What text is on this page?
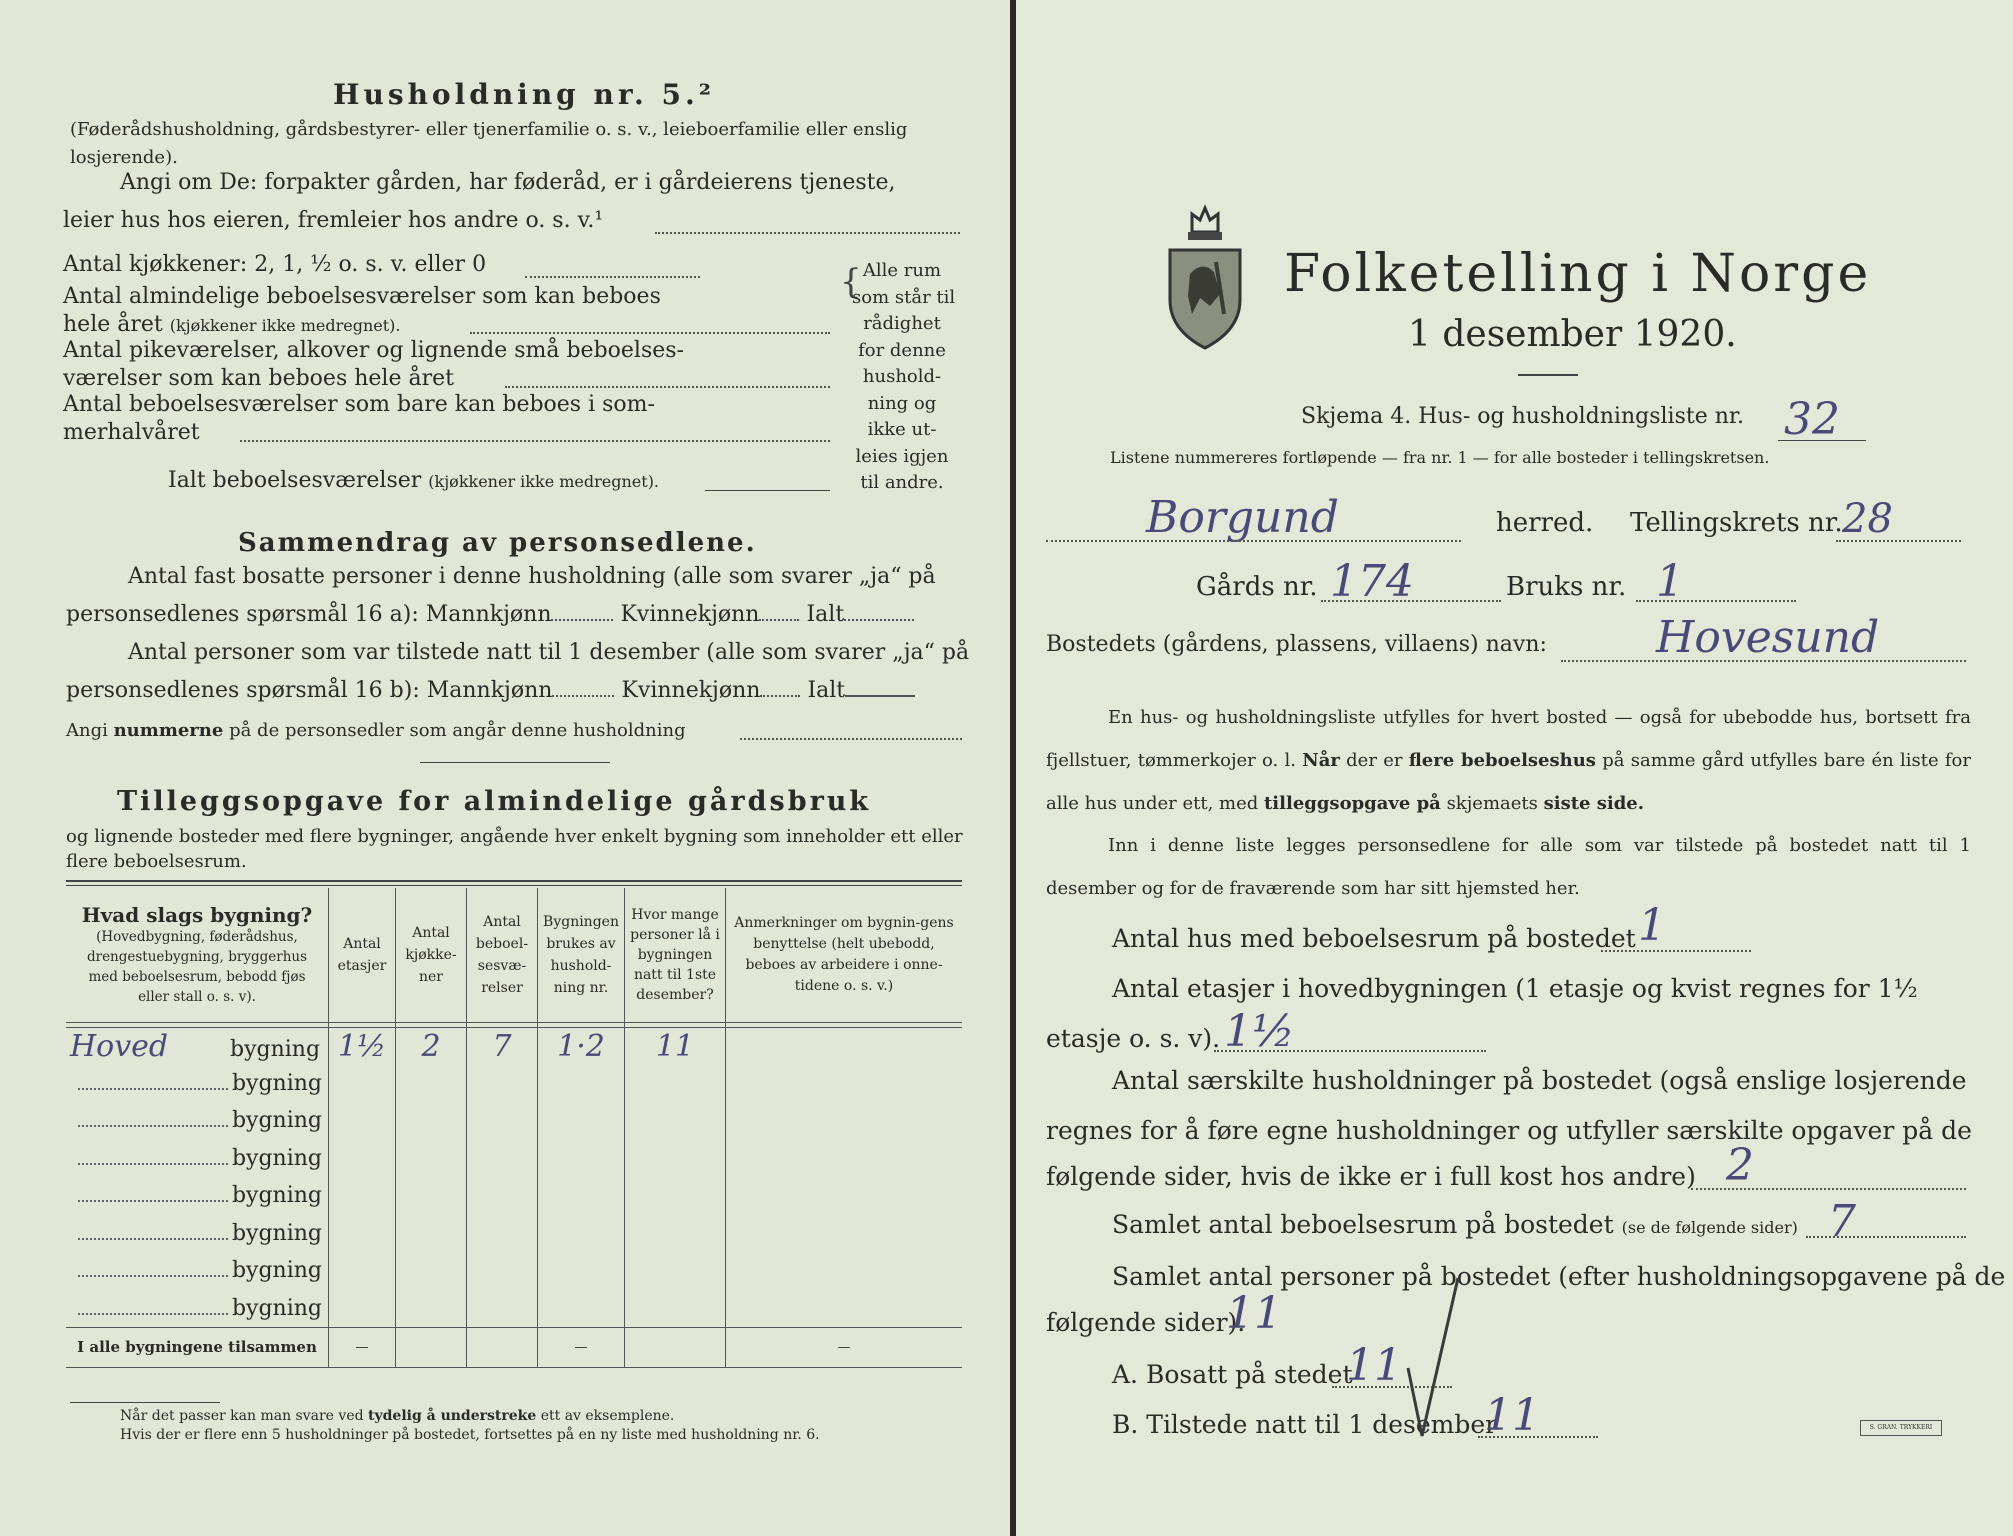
Husholdning nr. 5.²
(Føderådshusholdning, gårdsbestyrer- eller tjenerfamilie o. s. v., leieboerfamilie eller enslig losjerende).
Angi om De: forpakter gården, har føderåd, er i gårdeierens tjeneste,
leier hus hos eieren, fremleier hos andre o. s. v.¹
Antal kjøkkener: 2, 1, ½ o. s. v. eller 0
Antal almindelige beboelsesværelser som kan beboes
hele året (kjøkkener ikke medregnet).
Antal pikeværelser, alkover og lignende små beboelses-
værelser som kan beboes hele året
Antal beboelsesværelser som bare kan beboes i som-
merhalvåret
Ialt beboelsesværelser (kjøkkener ikke medregnet).
{ Alle rum
som står til
rådighet
for denne
hushold-
ning og
ikke ut-
leies igjen
til andre.
Sammendrag av personsedlene.
Antal fast bosatte personer i denne husholdning (alle som svarer „ja“ på
personsedlenes spørsmål 16 a): Mannkjønn	Kvinnekjønn Ialt
Antal personer som var tilstede natt til 1 desember (alle som svarer „ja“ på
personsedlenes spørsmål 16 b): Mannkjønn	Kvinnekjønn Ialt
Angi nummerne på de personsedler som angår denne husholdning
Tilleggsopgave for almindelige gårdsbruk
og lignende bosteder med flere bygninger, angående hver enkelt bygning som inneholder ett eller flere beboelsesrum.
Hvad slags bygning?
(Hovedbygning, føderådshus, drengestuebygning, bryggerhus med beboelsesrum, bebodd fjøs eller stall o. s. v).	Antal etasjer	Antal kjøkke-ner	Antal beboel-sesvæ-relser	Bygningen brukes av hushold-ning nr.	Hvor mange personer lå i bygningen natt til 1ste desember?	Anmerkninger om bygnin-gens benyttelse (helt ubebodd, beboes av arbeidere i onne-tidene o. s. v.)

Hoved bygning	1½	2	7	1·2	11	
bygning						
bygning						
bygning						
bygning						
bygning						
bygning						
bygning						
I alle bygningene tilsammen	—			—		—
Når det passer kan man svare ved tydelig å understreke ett av eksemplene.
Hvis der er flere enn 5 husholdninger på bostedet, fortsettes på en ny liste med husholdning nr. 6.
Folketelling i Norge
1 desember 1920.
Skjema 4. Hus- og husholdningsliste nr. 32
Listene nummereres fortløpende — fra nr. 1 — for alle bosteder i tellingskretsen.
Borgund	herred. Tellingskrets nr. 28
Gårds nr. 174	Bruks nr. 1
Bostedets (gårdens, plassens, villaens) navn: Hovesund
En hus- og husholdningsliste utfylles for hvert bosted — også for ubebodde hus, bortsett fra fjellstuer, tømmerkojer o. l. Når der er flere beboelseshus på samme gård utfylles bare én liste for alle hus under ett, med tilleggsopgave på skjemaets siste side.
Inn i denne liste legges personsedlene for alle som var tilstede på bostedet natt til 1 desember og for de fraværende som har sitt hjemsted her.
Antal hus med beboelsesrum på bostedet 1
Antal etasjer i hovedbygningen (1 etasje og kvist regnes for 1½
etasje o. s. v). 1½
Antal særskilte husholdninger på bostedet (også enslige losjerende
regnes for å føre egne husholdninger og utfyller særskilte opgaver på de
følgende sider, hvis de ikke er i full kost hos andre) 2
Samlet antal beboelsesrum på bostedet (se de følgende sider) 7
Samlet antal personer på bostedet (efter husholdningsopgavene på de
følgende sider).
11
A. Bosatt på stedet
11
B. Tilstede natt til 1 desember
11	S. GRAN. TRYKKERI
